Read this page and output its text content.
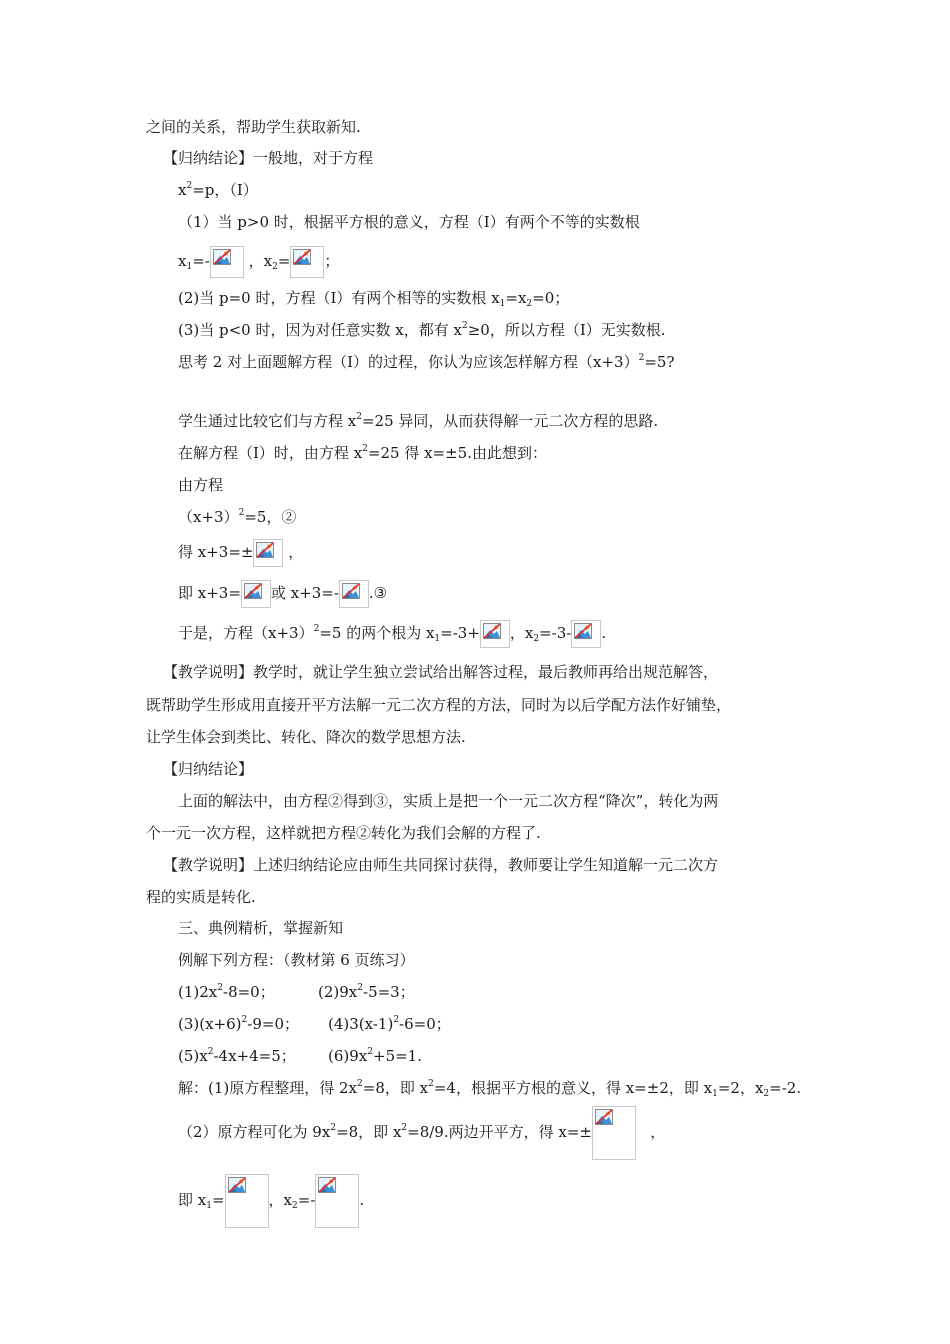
之间的关系，帮助学生获取新知.
【归纳结论】一般地，对于方程
$x^2=p$，（Ⅰ）
（1）当 p>0 时，根据平方根的意义，方程（Ⅰ）有两个不等的实数根
$x_1=-$	，$x_2=$ ；
(2)当 p=0 时，方程（Ⅰ）有两个相等的实数根 $x_1=x_2=0$；
(3)当 p<0 时，因为对任意实数 x，都有 $x^2\ge 0$，所以方程（Ⅰ）无实数根.
思考 2 对上面题解方程（Ⅰ）的过程，你认为应该怎样解方程$(x+3)^2=5$?
学生通过比较它们与方程 $x^2=25$ 异同，从而获得解一元二次方程的思路.
在解方程（Ⅰ）时，由方程 $x^2=25$ 得 x=±5.由此想到：
由方程
$(x+3)^2=5$，②
得 x+3=± ，
即 x+3= 或 x+3=- .③
于是，方程$(x+3)^2=5$ 的两个根为 $x_1=-3+$ ，$x_2=-3-$ .
【教学说明】教学时，就让学生独立尝试给出解答过程，最后教师再给出规范解答，
既帮助学生形成用直接开平方法解一元二次方程的方法，同时为以后学配方法作好铺垫，
让学生体会到类比、转化、降次的数学思想方法.
【归纳结论】
上面的解法中，由方程②得到③，实质上是把一个一元二次方程“降次”，转化为两
个一元一次方程，这样就把方程②转化为我们会解的方程了.
【教学说明】上述归纳结论应由师生共同探讨获得，教师要让学生知道解一元二次方
程的实质是转化.
三、典例精析，掌握新知
例解下列方程：（教材第 6 页练习）
$(1)2x^2-8=0$；	$(2)9x^2-5=3$；
$(3)(x+6)^2-9=0$； $(4)3(x-1)^2-6=0$；
$(5)x^2-4x+4=5$； $(6)9x^2+5=1$.
解：(1)原方程整理，得 $2x^2=8$，即 $x^2=4$，根据平方根的意义，得 x=±2，即 $x_1=2$，$x_2=-2$.
（2）原方程可化为 $9x^2=8$，即 $x^2=8/9$.两边开平方，得 x=±	，
即 $x_1=$	，$x_2=-$	.
